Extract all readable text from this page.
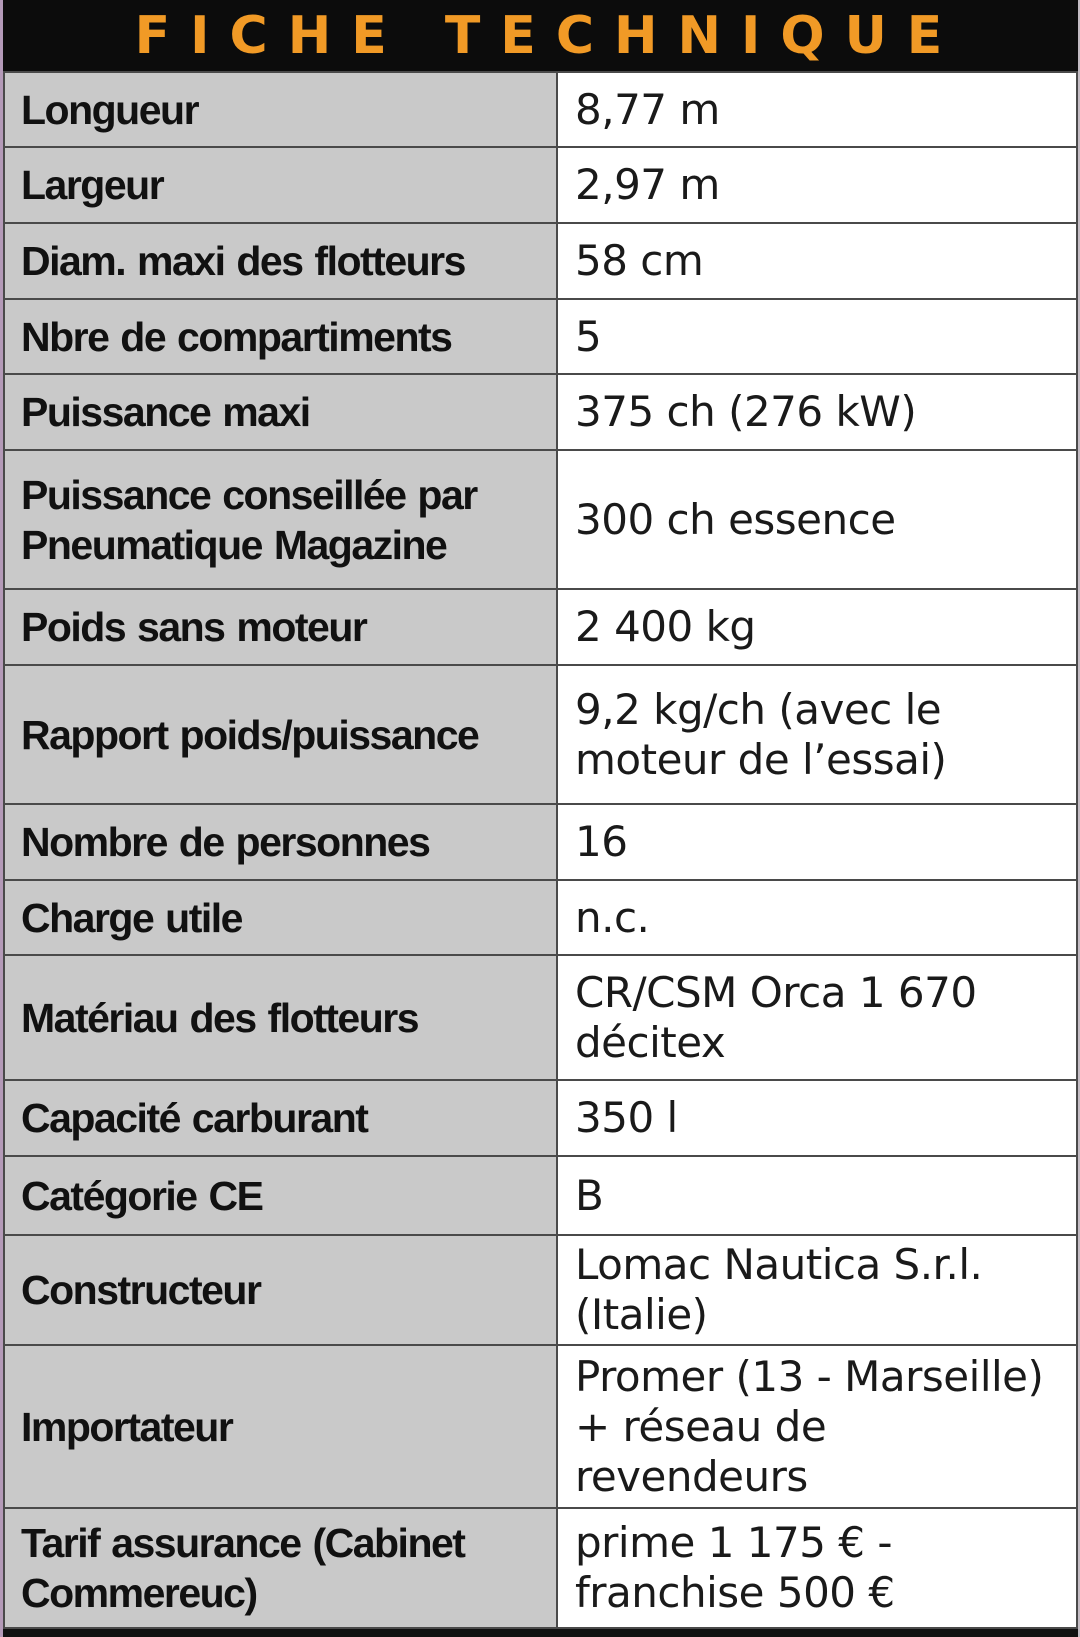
FICHE TECHNIQUE
Longueur	8,77 m
Largeur	2,97 m
Diam. maxi des flotteurs	58 cm
Nbre de compartiments	5
Puissance maxi	375 ch (276 kW)
Puissance conseillée par Pneumatique Magazine	300 ch essence
Poids sans moteur	2 400 kg
Rapport poids/puissance	9,2 kg/ch (avec le moteur de l’essai)
Nombre de personnes	16
Charge utile	n.c.
Matériau des flotteurs	CR/CSM Orca 1 670 décitex
Capacité carburant	350 l
Catégorie CE	B
Constructeur	Lomac Nautica S.r.l. (Italie)
Importateur	Promer (13 - Marseille) + réseau de revendeurs
Tarif assurance (Cabinet Commereuc)	prime 1 175 € - franchise 500 €
